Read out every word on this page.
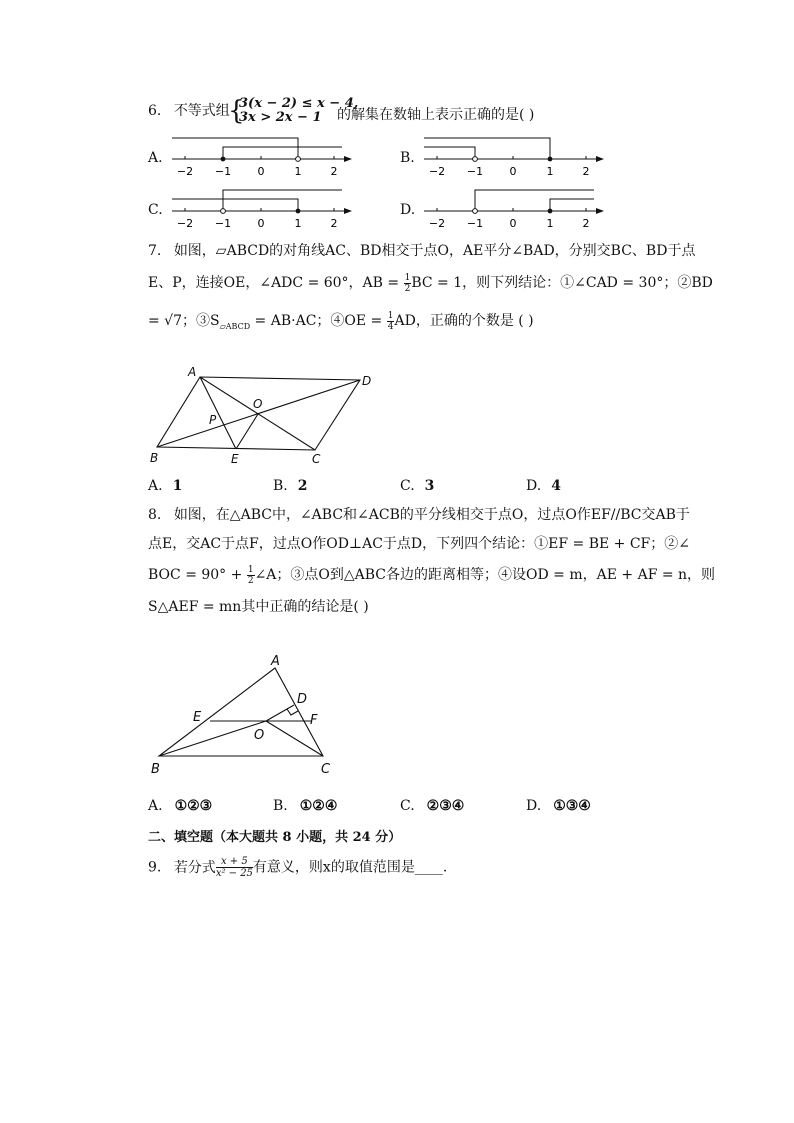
6. 不等式组
{
3(x − 2) ≤ x − 4,
3x > 2x − 1 的解集在数轴上表示正确的是( )
A.
−2 −1 0	1	2
B.
−2 −1 0	1	2
C.
−2 −1 0	1	2
D.
−2 −1 0	1	2
7. 如图，▱ABCD的对角线AC、BD相交于点O，AE平分∠BAD，分别交BC、BD于点
E、P，连接OE，∠ADC = 60°，AB = $\frac{1}{2}$ BC = 1，则下列结论：①∠CAD = 30°；②BD
= √7；$③S_{▱ABCD} = AB\cdot AC$；④OE = $\frac{1}{4}$ AD，正确的个数是 ( )
A
D
O
P
B	E	C
A. 1	B. 2	C. 3	D. 4
8. 如图，在△ABC中，∠ABC和∠ACB的平分线相交于点O，过点O作EF//BC交AB于
点E，交AC于点F，过点O作OD⊥AC于点D，下列四个结论：①EF = BE + CF；②∠
BOC = $90^\circ + \frac{1}{2}$ ∠A；③点O到△ABC各边的距离相等；④设OD = m，AE + AF = n，则
S△AEF = mn其中正确的结论是( )
A
D
E	F
O
B	C
A. ①②③	B. ①②④	C. ②③④	D. ①③④
二、填空题（本大题共 8 小题，共 24 分）
9. 若分式 $\frac{x + 5}{\text{x² − 25}}$ 有意义，则x的取值范围是____.
